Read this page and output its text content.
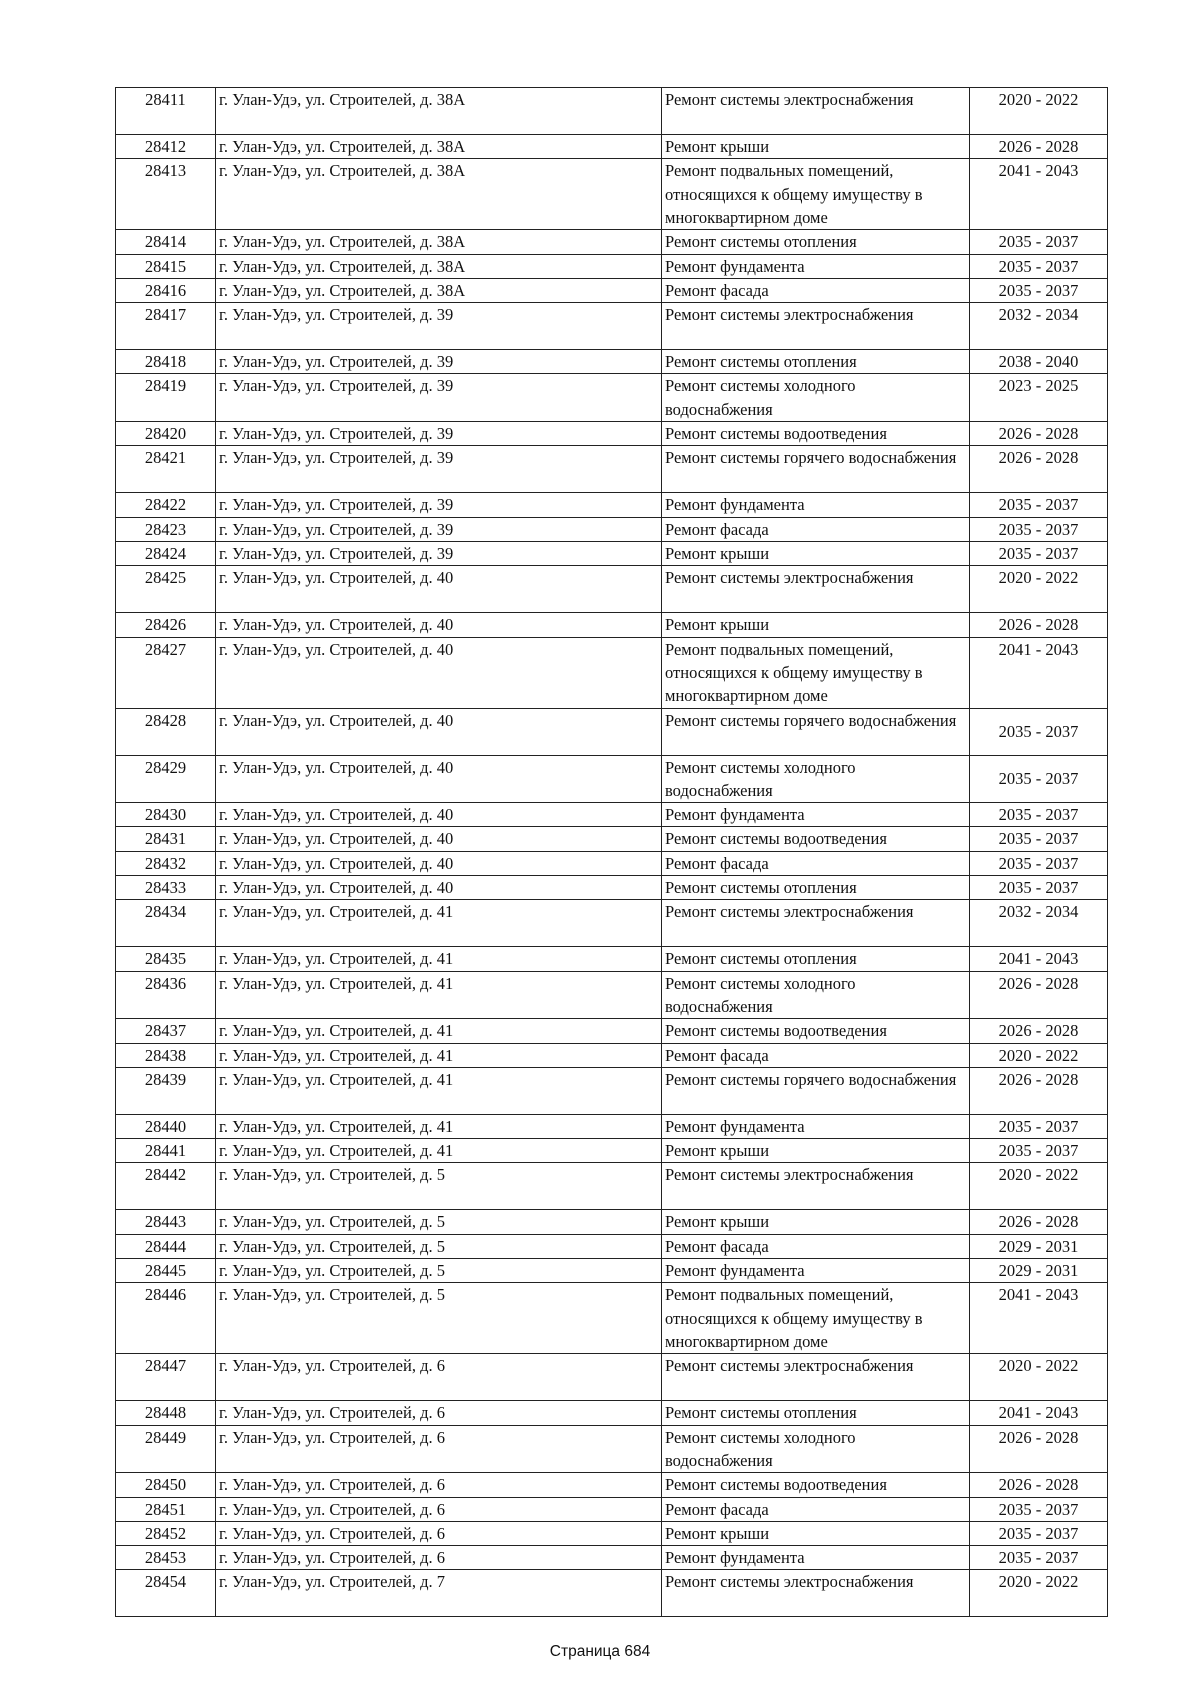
28411	г. Улан-Удэ, ул. Строителей, д. 38А	Ремонт системы электроснабжения	2020 - 2022
28412	г. Улан-Удэ, ул. Строителей, д. 38А	Ремонт крыши	2026 - 2028
28413	г. Улан-Удэ, ул. Строителей, д. 38А	Ремонт подвальных помещений, относящихся к общему имуществу в многоквартирном доме	2041 - 2043
28414	г. Улан-Удэ, ул. Строителей, д. 38А	Ремонт системы отопления	2035 - 2037
28415	г. Улан-Удэ, ул. Строителей, д. 38А	Ремонт фундамента	2035 - 2037
28416	г. Улан-Удэ, ул. Строителей, д. 38А	Ремонт фасада	2035 - 2037
28417	г. Улан-Удэ, ул. Строителей, д. 39	Ремонт системы электроснабжения	2032 - 2034
28418	г. Улан-Удэ, ул. Строителей, д. 39	Ремонт системы отопления	2038 - 2040
28419	г. Улан-Удэ, ул. Строителей, д. 39	Ремонт системы холодного водоснабжения	2023 - 2025
28420	г. Улан-Удэ, ул. Строителей, д. 39	Ремонт системы водоотведения	2026 - 2028
28421	г. Улан-Удэ, ул. Строителей, д. 39	Ремонт системы горячего водоснабжения	2026 - 2028
28422	г. Улан-Удэ, ул. Строителей, д. 39	Ремонт фундамента	2035 - 2037
28423	г. Улан-Удэ, ул. Строителей, д. 39	Ремонт фасада	2035 - 2037
28424	г. Улан-Удэ, ул. Строителей, д. 39	Ремонт крыши	2035 - 2037
28425	г. Улан-Удэ, ул. Строителей, д. 40	Ремонт системы электроснабжения	2020 - 2022
28426	г. Улан-Удэ, ул. Строителей, д. 40	Ремонт крыши	2026 - 2028
28427	г. Улан-Удэ, ул. Строителей, д. 40	Ремонт подвальных помещений, относящихся к общему имуществу в многоквартирном доме	2041 - 2043
28428	г. Улан-Удэ, ул. Строителей, д. 40	Ремонт системы горячего водоснабжения	2035 - 2037
28429	г. Улан-Удэ, ул. Строителей, д. 40	Ремонт системы холодного водоснабжения	2035 - 2037
28430	г. Улан-Удэ, ул. Строителей, д. 40	Ремонт фундамента	2035 - 2037
28431	г. Улан-Удэ, ул. Строителей, д. 40	Ремонт системы водоотведения	2035 - 2037
28432	г. Улан-Удэ, ул. Строителей, д. 40	Ремонт фасада	2035 - 2037
28433	г. Улан-Удэ, ул. Строителей, д. 40	Ремонт системы отопления	2035 - 2037
28434	г. Улан-Удэ, ул. Строителей, д. 41	Ремонт системы электроснабжения	2032 - 2034
28435	г. Улан-Удэ, ул. Строителей, д. 41	Ремонт системы отопления	2041 - 2043
28436	г. Улан-Удэ, ул. Строителей, д. 41	Ремонт системы холодного водоснабжения	2026 - 2028
28437	г. Улан-Удэ, ул. Строителей, д. 41	Ремонт системы водоотведения	2026 - 2028
28438	г. Улан-Удэ, ул. Строителей, д. 41	Ремонт фасада	2020 - 2022
28439	г. Улан-Удэ, ул. Строителей, д. 41	Ремонт системы горячего водоснабжения	2026 - 2028
28440	г. Улан-Удэ, ул. Строителей, д. 41	Ремонт фундамента	2035 - 2037
28441	г. Улан-Удэ, ул. Строителей, д. 41	Ремонт крыши	2035 - 2037
28442	г. Улан-Удэ, ул. Строителей, д. 5	Ремонт системы электроснабжения	2020 - 2022
28443	г. Улан-Удэ, ул. Строителей, д. 5	Ремонт крыши	2026 - 2028
28444	г. Улан-Удэ, ул. Строителей, д. 5	Ремонт фасада	2029 - 2031
28445	г. Улан-Удэ, ул. Строителей, д. 5	Ремонт фундамента	2029 - 2031
28446	г. Улан-Удэ, ул. Строителей, д. 5	Ремонт подвальных помещений, относящихся к общему имуществу в многоквартирном доме	2041 - 2043
28447	г. Улан-Удэ, ул. Строителей, д. 6	Ремонт системы электроснабжения	2020 - 2022
28448	г. Улан-Удэ, ул. Строителей, д. 6	Ремонт системы отопления	2041 - 2043
28449	г. Улан-Удэ, ул. Строителей, д. 6	Ремонт системы холодного водоснабжения	2026 - 2028
28450	г. Улан-Удэ, ул. Строителей, д. 6	Ремонт системы водоотведения	2026 - 2028
28451	г. Улан-Удэ, ул. Строителей, д. 6	Ремонт фасада	2035 - 2037
28452	г. Улан-Удэ, ул. Строителей, д. 6	Ремонт крыши	2035 - 2037
28453	г. Улан-Удэ, ул. Строителей, д. 6	Ремонт фундамента	2035 - 2037
28454	г. Улан-Удэ, ул. Строителей, д. 7	Ремонт системы электроснабжения	2020 - 2022
Страница 684
